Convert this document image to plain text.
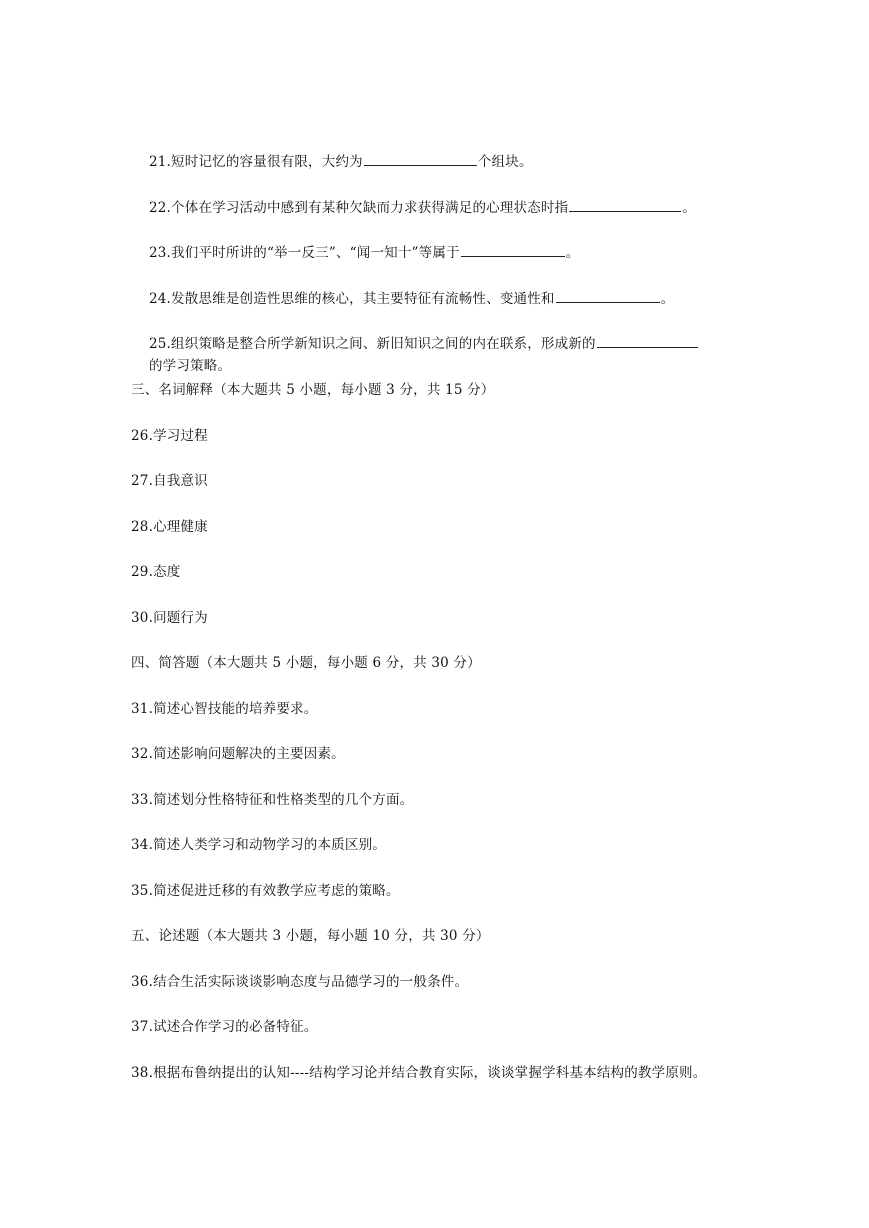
21.短时记忆的容量很有限，大约为	个组块。

22.个体在学习活动中感到有某种欠缺而力求获得满足的心理状态时指	。

23.我们平时所讲的“举一反三”、“闻一知十”等属于	。

24.发散思维是创造性思维的核心，其主要特征有流畅性、变通性和	。

25.组织策略是整合所学新知识之间、新旧知识之间的内在联系，形成新的

的学习策略。

三、名词解释（本大题共 5 小题，每小题 3 分，共 15 分）
26.学习过程
27.自我意识
28.心理健康
29.态度
30.问题行为
四、简答题（本大题共 5 小题，每小题 6 分，共 30 分）
31.简述心智技能的培养要求。
32.简述影响问题解决的主要因素。
33.简述划分性格特征和性格类型的几个方面。
34.简述人类学习和动物学习的本质区别。
35.简述促进迁移的有效教学应考虑的策略。
五、论述题（本大题共 3 小题，每小题 10 分，共 30 分）
36.结合生活实际谈谈影响态度与品德学习的一般条件。
37.试述合作学习的必备特征。
38.根据布鲁纳提出的认知----结构学习论并结合教育实际，谈谈掌握学科基本结构的教学原则。
